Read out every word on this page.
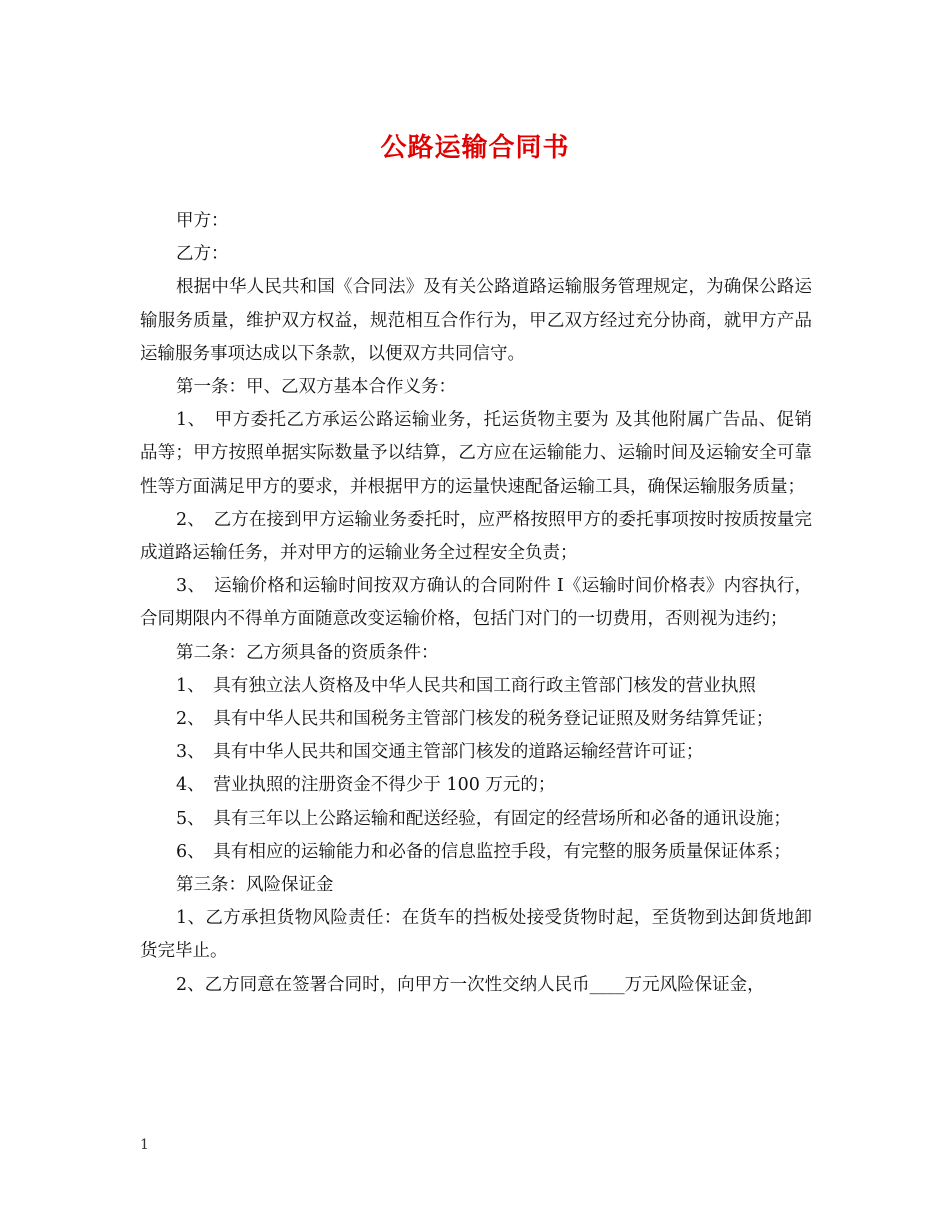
公路运输合同书

甲方：

乙方：

根据中华人民共和国《合同法》及有关公路道路运输服务管理规定，为确保公路运输服务质量，维护双方权益，规范相互合作行为，甲乙双方经过充分协商，就甲方产品运输服务事项达成以下条款，以便双方共同信守。

第一条：甲、乙双方基本合作义务：

1、　甲方委托乙方承运公路运输业务，托运货物主要为 及其他附属广告品、促销品等；甲方按照单据实际数量予以结算，乙方应在运输能力、运输时间及运输安全可靠性等方面满足甲方的要求，并根据甲方的运量快速配备运输工具，确保运输服务质量；

2、　乙方在接到甲方运输业务委托时，应严格按照甲方的委托事项按时按质按量完成道路运输任务，并对甲方的运输业务全过程安全负责；

3、　运输价格和运输时间按双方确认的合同附件 I《运输时间价格表》内容执行，合同期限内不得单方面随意改变运输价格，包括门对门的一切费用，否则视为违约；

第二条：乙方须具备的资质条件：

1、　具有独立法人资格及中华人民共和国工商行政主管部门核发的营业执照

2、　具有中华人民共和国税务主管部门核发的税务登记证照及财务结算凭证；

3、　具有中华人民共和国交通主管部门核发的道路运输经营许可证；

4、　营业执照的注册资金不得少于 100 万元的；

5、　具有三年以上公路运输和配送经验，有固定的经营场所和必备的通讯设施；

6、　具有相应的运输能力和必备的信息监控手段，有完整的服务质量保证体系；

第三条：风险保证金

1、乙方承担货物风险责任：在货车的挡板处接受货物时起，至货物到达卸货地卸货完毕止。

2、乙方同意在签署合同时，向甲方一次性交纳人民币____万元风险保证金，

1
